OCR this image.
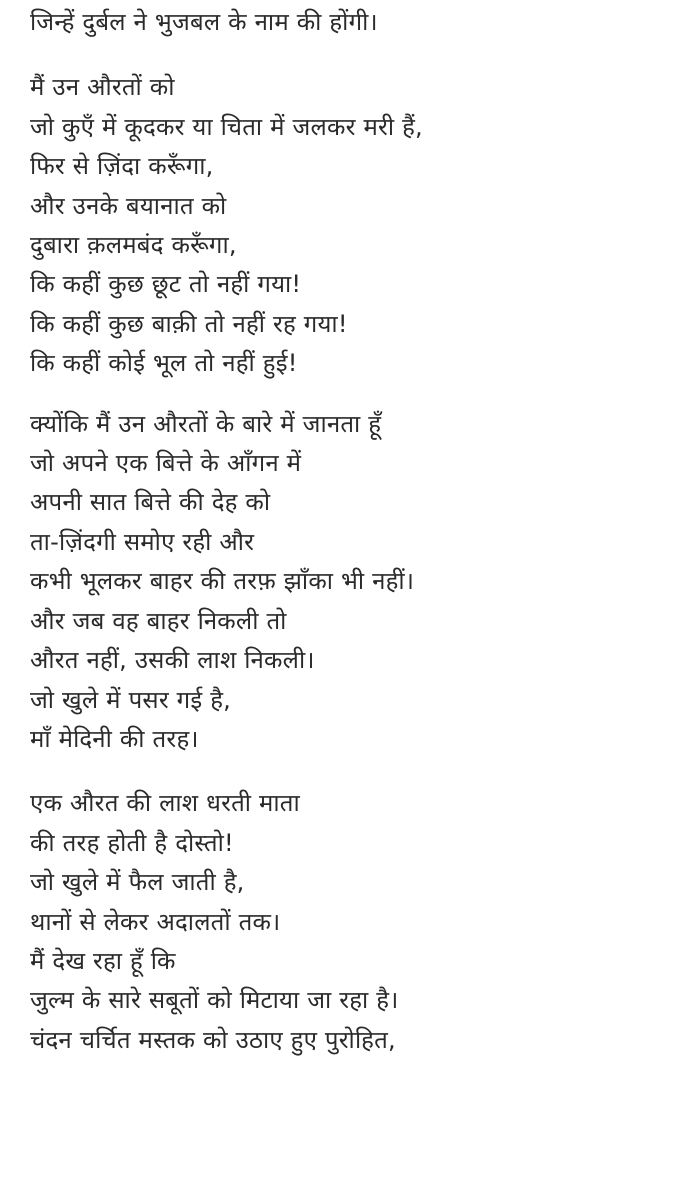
जिन्हें दुर्बल ने भुजबल के नाम की होंगी।
मैं उन औरतों को
जो कुएँ में कूदकर या चिता में जलकर मरी हैं,
फिर से ज़िंदा करूँगा,
और उनके बयानात को
दुबारा क़लमबंद करूँगा,
कि कहीं कुछ छूट तो नहीं गया!
कि कहीं कुछ बाक़ी तो नहीं रह गया!
कि कहीं कोई भूल तो नहीं हुई!
क्योंकि मैं उन औरतों के बारे में जानता हूँ
जो अपने एक बित्ते के आँगन में
अपनी सात बित्ते की देह को
ता-ज़िंदगी समोए रही और
कभी भूलकर बाहर की तरफ़ झाँका भी नहीं।
और जब वह बाहर निकली तो
औरत नहीं, उसकी लाश निकली।
जो खुले में पसर गई है,
माँ मेदिनी की तरह।
एक औरत की लाश धरती माता
की तरह होती है दोस्तो!
जो खुले में फैल जाती है,
थानों से लेकर अदालतों तक।
मैं देख रहा हूँ कि
जुल्म के सारे सबूतों को मिटाया जा रहा है।
चंदन चर्चित मस्तक को उठाए हुए पुरोहित,
